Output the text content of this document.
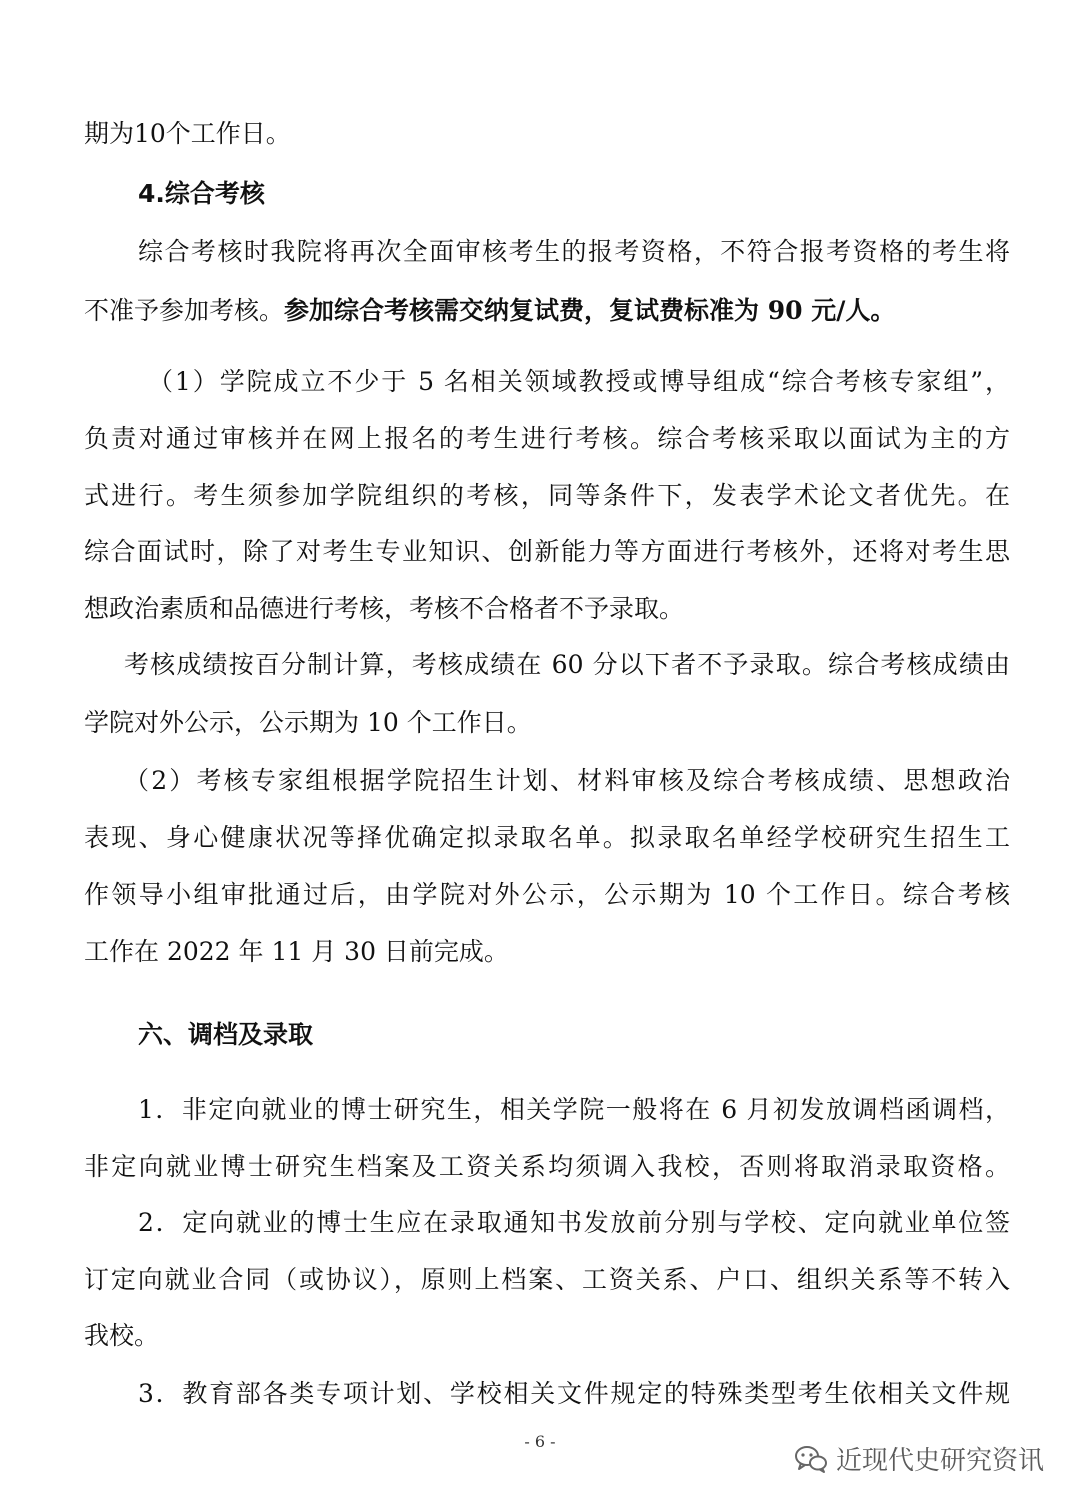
期为10个工作日。
4.综合考核
综合考核时我院将再次全面审核考生的报考资格，不符合报考资格的考生将
不准予参加考核。参加综合考核需交纳复试费，复试费标准为 90 元/人。
（1）学院成立不少于 5 名相关领域教授或博导组成“综合考核专家组”，
负责对通过审核并在网上报名的考生进行考核。综合考核采取以面试为主的方
式进行。考生须参加学院组织的考核，同等条件下，发表学术论文者优先。在
综合面试时，除了对考生专业知识、创新能力等方面进行考核外，还将对考生思
想政治素质和品德进行考核，考核不合格者不予录取。
考核成绩按百分制计算，考核成绩在 60 分以下者不予录取。综合考核成绩由
学院对外公示，公示期为 10 个工作日。
（2）考核专家组根据学院招生计划、材料审核及综合考核成绩、思想政治
表现、身心健康状况等择优确定拟录取名单。拟录取名单经学校研究生招生工
作领导小组审批通过后，由学院对外公示，公示期为 10 个工作日。综合考核
工作在 2022 年 11 月 30 日前完成。
六、调档及录取
1．非定向就业的博士研究生，相关学院一般将在 6 月初发放调档函调档，
非定向就业博士研究生档案及工资关系均须调入我校，否则将取消录取资格。
2．定向就业的博士生应在录取通知书发放前分别与学校、定向就业单位签
订定向就业合同（或协议），原则上档案、工资关系、户口、组织关系等不转入
我校。
3．教育部各类专项计划、学校相关文件规定的特殊类型考生依相关文件规
- 6 -
近现代史研究资讯
